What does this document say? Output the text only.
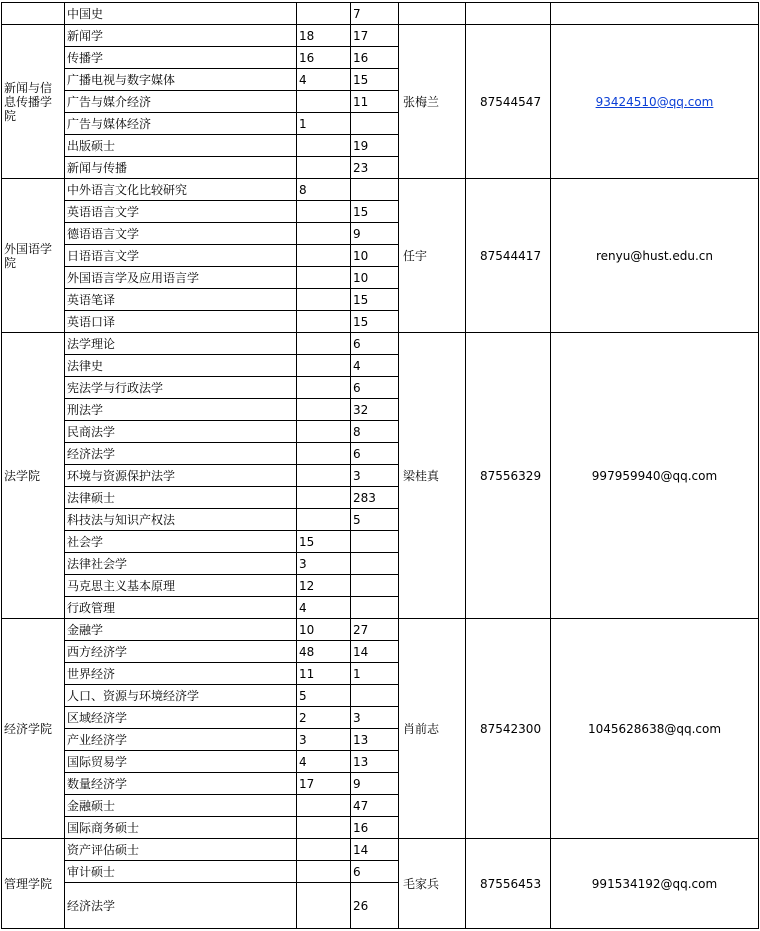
	中国史		7			
新闻与信息传播学院	新闻学	18	17	张梅兰	87544547	93424510@qq.com
	传播学	16	16			
	广播电视与数字媒体	4	15			
	广告与媒介经济		11			
	广告与媒体经济	1				
	出版硕士		19			
	新闻与传播		23			
外国语学院	中外语言文化比较研究	8		任宇	87544417	renyu@hust.edu.cn
	英语语言文学		15			
	德语语言文学		9			
	日语语言文学		10			
	外国语言学及应用语言学		10			
	英语笔译		15			
	英语口译		15			
法学院	法学理论		6	梁桂真	87556329	997959940@qq.com
	法律史		4			
	宪法学与行政法学		6			
	刑法学		32			
	民商法学		8			
	经济法学		6			
	环境与资源保护法学		3			
	法律硕士		283			
	科技法与知识产权法		5			
	社会学	15				
	法律社会学	3				
	马克思主义基本原理	12				
	行政管理	4				
经济学院	金融学	10	27	肖前志	87542300	1045628638@qq.com
	西方经济学	48	14			
	世界经济	11	1			
	人口、资源与环境经济学	5				
	区域经济学	2	3			
	产业经济学	3	13			
	国际贸易学	4	13			
	数量经济学	17	9			
	金融硕士		47			
	国际商务硕士		16			
管理学院	资产评估硕士		14	毛家兵	87556453	991534192@qq.com
	审计硕士		6			
	经济法学		26			
